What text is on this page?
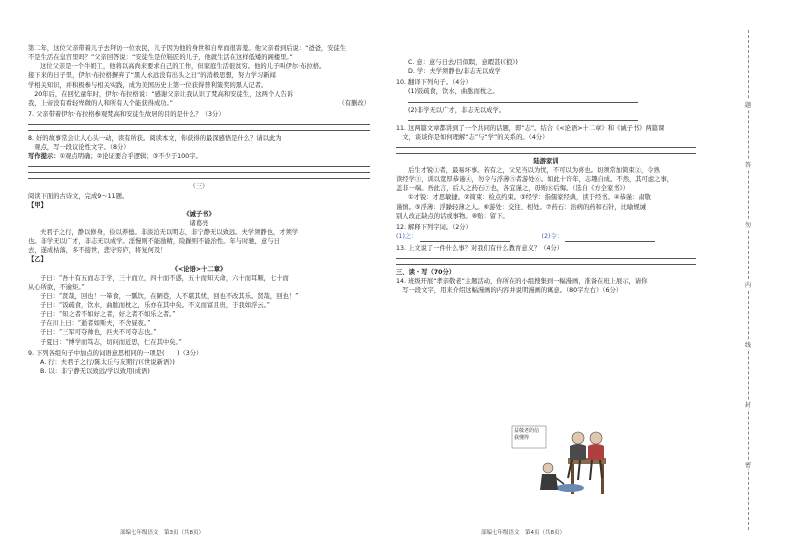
第二年，这位父亲带着儿子去拜访一位农民，儿子因为他的身世和自卑而很害羞。他父亲看到后说：“爸爸，安徒生

不是生活在皇宫里吗？”父亲回答说：“安徒生是位鞋匠的儿子，他就生活在这样低矮的阁楼里。”

这位父亲是一个牛奶工，他将以高尚来要求自己的工作，但家庭生活很贫穷。他的儿子叫伊尔·布拉格。

接下来的日子里，伊尔·布拉格摒弃了“黑人永远没有出头之日”的消极思想，努力学习新闻

学相关知识，并积极参与相关实践，成为美国历史上第一位获得普利策奖的黑人记者。

　20年后，在回忆童年时，伊尔·布拉格说：“感谢父亲让我认识了梵高和安徒生，这两个人告诉

我，上帝没有看轻卑微的人和所有人个能获得成功。”	（有删改）

7. 父亲带着伊尔·布拉格参观梵高和安徒生故居的目的是什么？（3分）

8. 好的故事常会让人心头一动，读有所获。阅读本文，你获得的最深感悟是什么？请以此为

　观点，写一段议论性文字。（8分）

写作提示：①观点明确；②论证要合乎逻辑；③不少于100字。

（三）

阅读下面的古诗文，完成9～11题。

【甲】

《诫子书》

诸葛亮

夫君子之行，静以修身，俭以养德。非淡泊无以明志，非宁静无以致远。夫学须静也，才须学

也。非学无以广才，非志无以成学。淫慢则不能励精，险躁则不能治性。年与时驰，意与日

去，遂成枯落，多不接世，悲守穷庐，将复何及！

【乙】

《<论语>十二章》

子曰：“吾十有五而志于学，三十而立，四十而不惑，五十而知天命，六十而耳顺，七十而

从心所欲，不逾矩。”

子曰：“贤哉，回也！一箪食，一瓢饮，在陋巷，人不堪其忧，回也不改其乐。贤哉，回也！”

子曰：“饭疏食，饮水，曲肱而枕之，乐亦在其中矣。不义而富且贵，于我如浮云。”

子曰：“知之者不如好之者，好之者不如乐之者。”

子在川上曰：“逝者如斯夫，不舍昼夜。”

子曰：“三军可夺帅也，匹夫不可夺志也。”

子夏曰：“博学而笃志，切问而近思，仁在其中矣。”

9. 下列各组句子中加点的词语意思相同的一项是(　　)（3分）

A. 行：夫君子之行/陈太丘与友期行(《世说新语》)

B. 以：非宁静无以致远/学以致用(成语)

部编七年级语文　第3页（共8页）

C. 意：意与日去/目似瞑，意暇甚(《狼》)

D. 学：夫学须静也/非志无以成学

10. 翻译下列句子。（4分）

(1)饭疏食，饮水，曲肱而枕之。

(2)非学无以广才，非志无以成学。

11. 这两篇文章都讲到了一个共同的话题，即“志”。结合《<论语>十二章》和《诫子书》两篇课

　文，谈谈你是如何理解“志”与“学”的关系的。（4分）

陆游家训

后生才锐①者，最易坏事。若有之，父兄当以为忧，不可以为喜也。切须常加简束②，令熟

读经学③，训以宽厚恭谨④，勿令与浮薄⑤者游处⑥。如此十许年，志趣自成。不然，其可虑之事，

盖非一端。吾此言，后人之药石⑦也，各宜谨之，毋贻⑧后悔。（选自《方全家书》）

①才锐：才思敏捷。②简束：检点约束。③经学：指儒家经典，读于经书。④恭谨：肃敬

谨慎。⑤浮薄：浮躁轻薄之人。⑥游处：交往、相处。⑦药石：治病的药和石针，比喻规诫

别人改正缺点的话或事物。⑧贻：留下。

12. 解释下列字词。（2分）

(1)之：	(2)令：

13. 上文说了一件什么事？对我们有什么教育意义？（4分）

三、读・写（70分）

14. 班级开展“孝亲敬老”主题活动，你所在的小组搜集到一幅漫画，准备在班上展示，请你

　写一段文字，用来介绍这幅漫画的内容并说明漫画的寓意。（80字左右）（6分）

部编七年级语文　第4页（共8页）
益敬老的信 我懂得
题
答
勿
内
线
封
密
